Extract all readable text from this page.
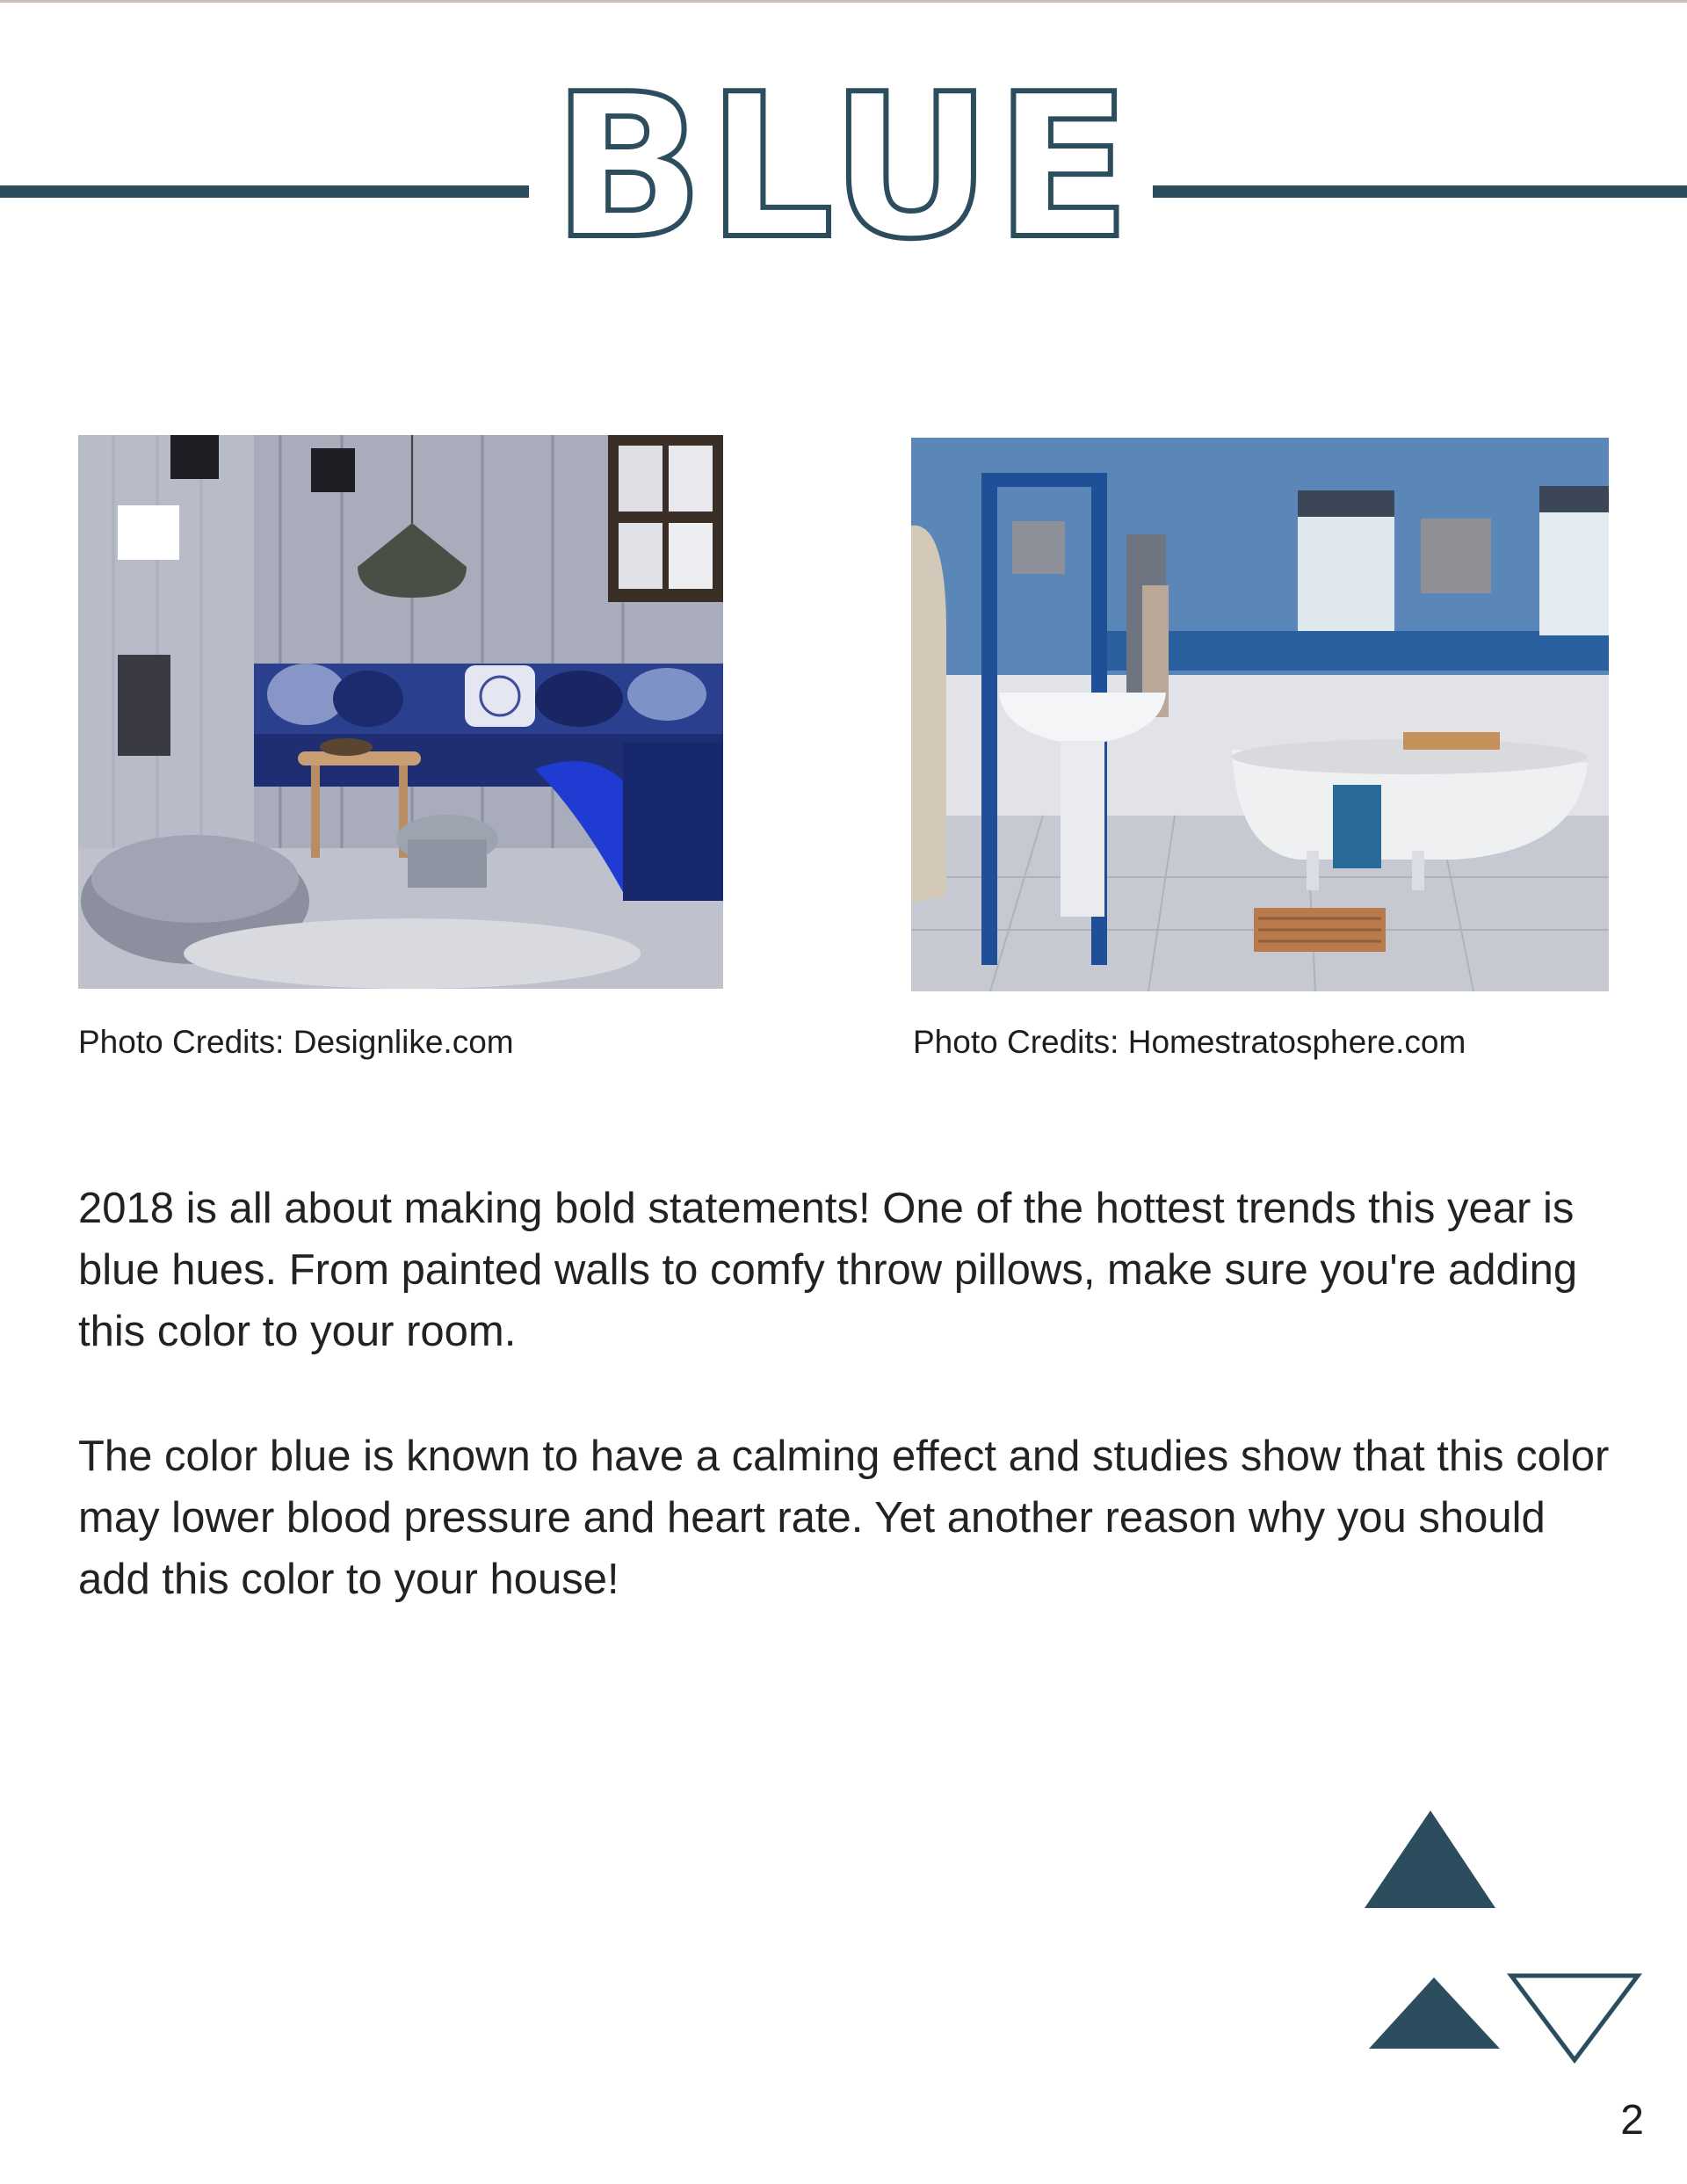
BLUE
Photo Credits: Designlike.com	Photo Credits: Homestratosphere.com

2018 is all about making bold statements! One of the hottest trends this year is blue hues. From painted walls to comfy throw pillows, make sure you're adding this color to your room.

The color blue is known to have a calming effect and studies show that this color may lower blood pressure and heart rate. Yet another reason why you should add this color to your house!

2
